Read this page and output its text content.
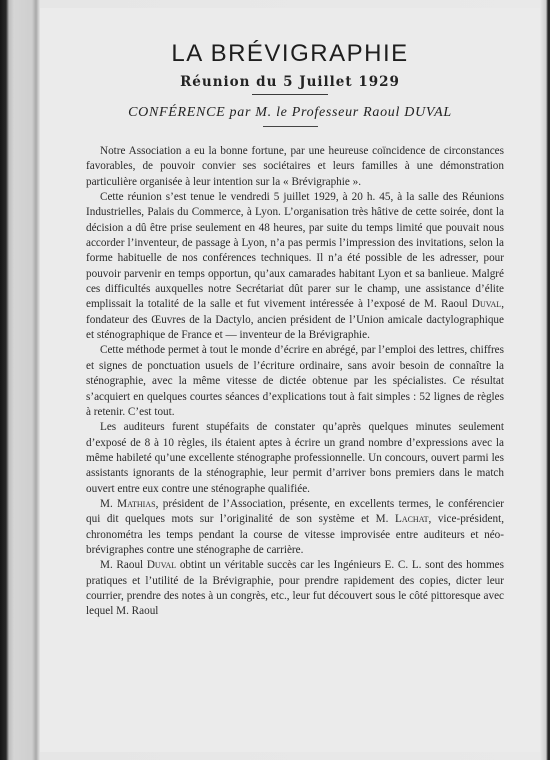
LA BRÉVIGRAPHIE
Réunion du 5 Juillet 1929
CONFÉRENCE par M. le Professeur Raoul DUVAL

Notre Association a eu la bonne fortune, par une heureuse coïncidence de circonstances favorables, de pouvoir convier ses sociétaires et leurs familles à une démonstration particulière organisée à leur intention sur la « Brévigraphie ».

Cette réunion s’est tenue le vendredi 5 juillet 1929, à 20 h. 45, à la salle des Réunions Industrielles, Palais du Commerce, à Lyon. L’organisation très hâtive de cette soirée, dont la décision a dû être prise seulement en 48 heures, par suite du temps limité que pouvait nous accorder l’inventeur, de passage à Lyon, n’a pas permis l’impression des invitations, selon la forme habituelle de nos conférences techniques. Il n’a été possible de les adresser, pour pouvoir parvenir en temps opportun, qu’aux camarades habitant Lyon et sa banlieue. Malgré ces difficultés auxquelles notre Secrétariat dût parer sur le champ, une assistance d’élite emplissait la totalité de la salle et fut vivement intéressée à l’exposé de M. Raoul Duval, fondateur des Œuvres de la Dactylo, ancien président de l’Union amicale dactylographique et sténographique de France et — inventeur de la Brévigraphie.

Cette méthode permet à tout le monde d’écrire en abrégé, par l’emploi des lettres, chiffres et signes de ponctuation usuels de l’écriture ordinaire, sans avoir besoin de connaître la sténographie, avec la même vitesse de dictée obtenue par les spécialistes. Ce résultat s’acquiert en quelques courtes séances d’explications tout à fait simples : 52 lignes de règles à retenir. C’est tout.

Les auditeurs furent stupéfaits de constater qu’après quelques minutes seulement d’exposé de 8 à 10 règles, ils étaient aptes à écrire un grand nombre d’expressions avec la même habileté qu’une excellente sténographe professionnelle. Un concours, ouvert parmi les assistants ignorants de la sténographie, leur permit d’arriver bons premiers dans le match ouvert entre eux contre une sténographe qualifiée.

M. Mathias, président de l’Association, présente, en excellents termes, le conférencier qui dit quelques mots sur l’originalité de son système et M. Lachat, vice-président, chronométra les temps pendant la course de vitesse improvisée entre auditeurs et néo-brévigraphes contre une sténographe de carrière.

M. Raoul Duval obtint un véritable succès car les Ingénieurs E. C. L. sont des hommes pratiques et l’utilité de la Brévigraphie, pour prendre rapidement des copies, dicter leur courrier, prendre des notes à un congrès, etc., leur fut découvert sous le côté pittoresque avec lequel M. Raoul
